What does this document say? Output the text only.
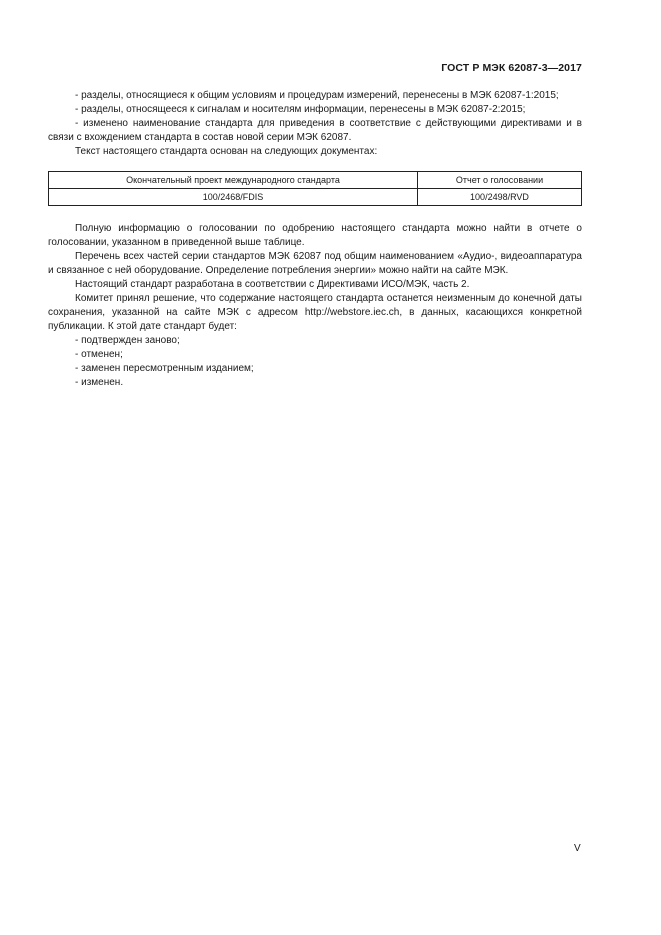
ГОСТ Р МЭК 62087-3—2017

- разделы, относящиеся к общим условиям и процедурам измерений, перенесены в МЭК 62087-1:2015;

- разделы, относящееся к сигналам и носителям информации, перенесены в МЭК 62087-2:2015;

- изменено наименование стандарта для приведения в соответствие с действующими директивами и в связи с вхождением стандарта в состав новой серии МЭК 62087.

Текст настоящего стандарта основан на следующих документах:

Окончательный проект международного стандарта	Отчет о голосовании
100/2468/FDIS	100/2498/RVD

Полную информацию о голосовании по одобрению настоящего стандарта можно найти в отчете о голосовании, указанном в приведенной выше таблице.

Перечень всех частей серии стандартов МЭК 62087 под общим наименованием «Аудио-, видеоаппаратура и связанное с ней оборудование. Определение потребления энергии» можно найти на сайте МЭК.

Настоящий стандарт разработана в соответствии с Директивами ИСО/МЭК, часть 2.

Комитет принял решение, что содержание настоящего стандарта останется неизменным до конечной даты сохранения, указанной на сайте МЭК с адресом http://webstore.iec.ch, в данных, касающихся конкретной публикации. К этой дате стандарт будет:

- подтвержден заново;

- отменен;

- заменен пересмотренным изданием;

- изменен.

V
